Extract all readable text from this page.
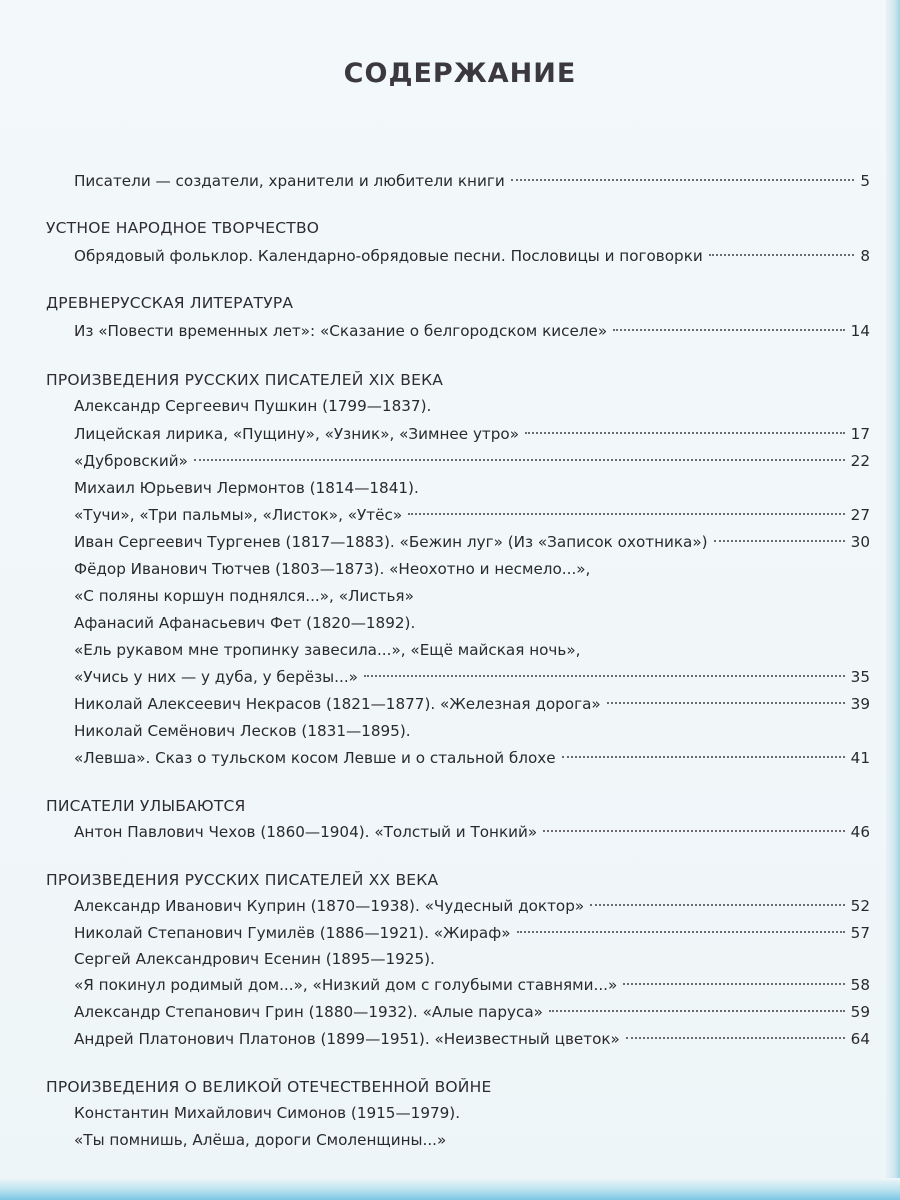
СОДЕРЖАНИЕ
Писатели — создатели, хранители и любители книги	5
УСТНОЕ НАРОДНОЕ ТВОРЧЕСТВО
Обрядовый фольклор. Календарно-обрядовые песни. Пословицы и поговорки	8
ДРЕВНЕРУССКАЯ ЛИТЕРАТУРА
Из «Повести временных лет»: «Сказание о белгородском киселе»	14
ПРОИЗВЕДЕНИЯ РУССКИХ ПИСАТЕЛЕЙ XIX ВЕКА
Александр Сергеевич Пушкин (1799—1837).
Лицейская лирика, «Пущину», «Узник», «Зимнее утро»	17
«Дубровский»	22
Михаил Юрьевич Лермонтов (1814—1841).
«Тучи», «Три пальмы», «Листок», «Утёс»	27
Иван Сергеевич Тургенев (1817—1883). «Бежин луг» (Из «Записок охотника»)	30
Фёдор Иванович Тютчев (1803—1873). «Неохотно и несмело...»,
«С поляны коршун поднялся...», «Листья»
Афанасий Афанасьевич Фет (1820—1892).
«Ель рукавом мне тропинку завесила...», «Ещё майская ночь»,
«Учись у них — у дуба, у берёзы...»	35
Николай Алексеевич Некрасов (1821—1877). «Железная дорога»	39
Николай Семёнович Лесков (1831—1895).
«Левша». Сказ о тульском косом Левше и о стальной блохе	41
ПИСАТЕЛИ УЛЫБАЮТСЯ
Антон Павлович Чехов (1860—1904). «Толстый и Тонкий»	46
ПРОИЗВЕДЕНИЯ РУССКИХ ПИСАТЕЛЕЙ XX ВЕКА
Александр Иванович Куприн (1870—1938). «Чудесный доктор»	52
Николай Степанович Гумилёв (1886—1921). «Жираф»	57
Сергей Александрович Есенин (1895—1925).
«Я покинул родимый дом...», «Низкий дом с голубыми ставнями...»	58
Александр Степанович Грин (1880—1932). «Алые паруса»	59
Андрей Платонович Платонов (1899—1951). «Неизвестный цветок»	64
ПРОИЗВЕДЕНИЯ О ВЕЛИКОЙ ОТЕЧЕСТВЕННОЙ ВОЙНЕ
Константин Михайлович Симонов (1915—1979).
«Ты помнишь, Алёша, дороги Смоленщины...»
